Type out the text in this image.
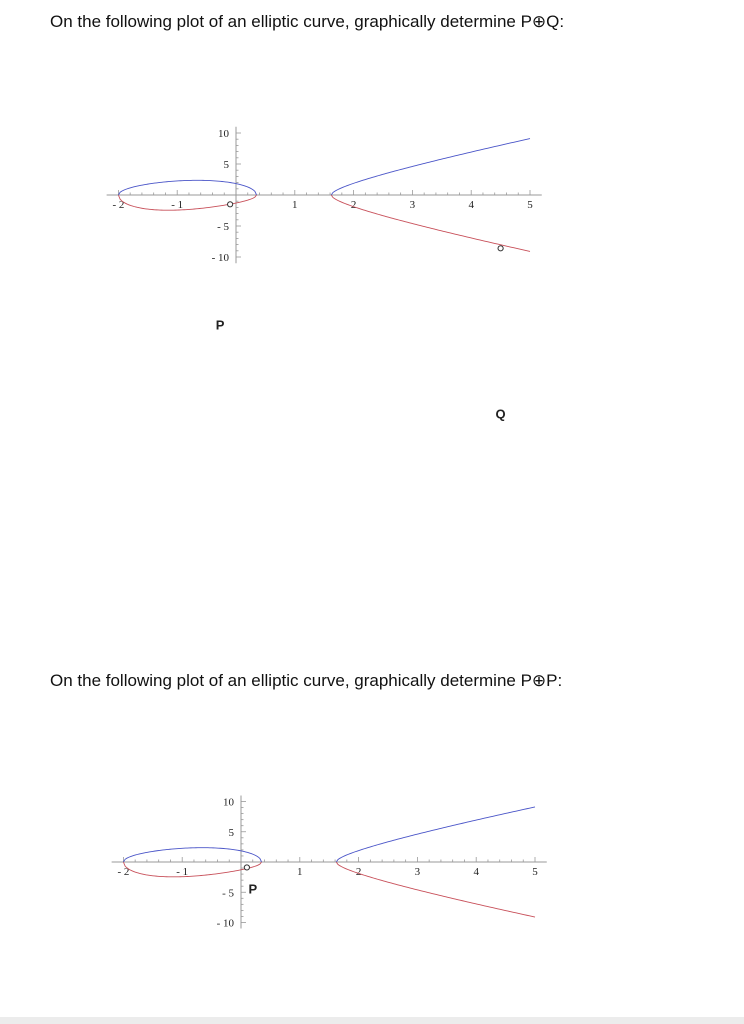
On the following plot of an elliptic curve, graphically determine P⊕Q:
- 2	- 1	1	2	3	4	5
10
5
- 5
- 10
P
Q
On the following plot of an elliptic curve, graphically determine P⊕P:
- 2	- 1	1	2	3	4	5
10
5
- 5
- 10
P
